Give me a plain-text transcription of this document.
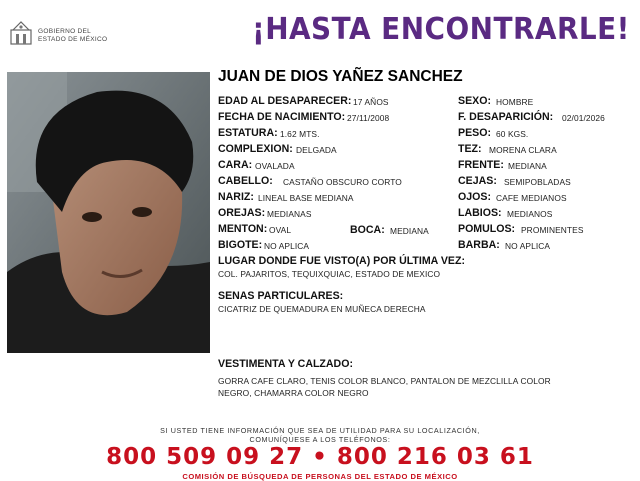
GOBIERNO DEL
ESTADO DE MÉXICO	¡HASTA ENCONTRARLE!
JUAN DE DIOS YAÑEZ SANCHEZ
EDAD AL DESAPARECER: 17 AÑOS
FECHA DE NACIMIENTO: 27/11/2008
ESTATURA: 1.62 MTS.
COMPLEXION: DELGADA
CARA: OVALADA
CABELLO: CASTAÑO OBSCURO CORTO
NARIZ: LINEAL BASE MEDIANA
OREJAS: MEDIANAS
MENTON: OVAL	BOCA: MEDIANA
BIGOTE: NO APLICA
SEXO: HOMBRE
F. DESAPARICIÓN: 02/01/2026
PESO: 60 KGS.
TEZ: MORENA CLARA
FRENTE: MEDIANA
CEJAS: SEMIPOBLADAS
OJOS: CAFE MEDIANOS
LABIOS: MEDIANOS
POMULOS: PROMINENTES
BARBA: NO APLICA
LUGAR DONDE FUE VISTO(A) POR ÚLTIMA VEZ:
COL. PAJARITOS, TEQUIXQUIAC, ESTADO DE MEXICO
SENAS PARTICULARES:
CICATRIZ DE QUEMADURA EN MUÑECA DERECHA
VESTIMENTA Y CALZADO:
GORRA CAFE CLARO, TENIS COLOR BLANCO, PANTALON DE MEZCLILLA COLOR
NEGRO, CHAMARRA COLOR NEGRO
SI USTED TIENE INFORMACIÓN QUE SEA DE UTILIDAD PARA SU LOCALIZACIÓN,
COMUNÍQUESE A LOS TELÉFONOS:
800 509 09 27 • 800 216 03 61
COMISIÓN DE BÚSQUEDA DE PERSONAS DEL ESTADO DE MÉXICO
